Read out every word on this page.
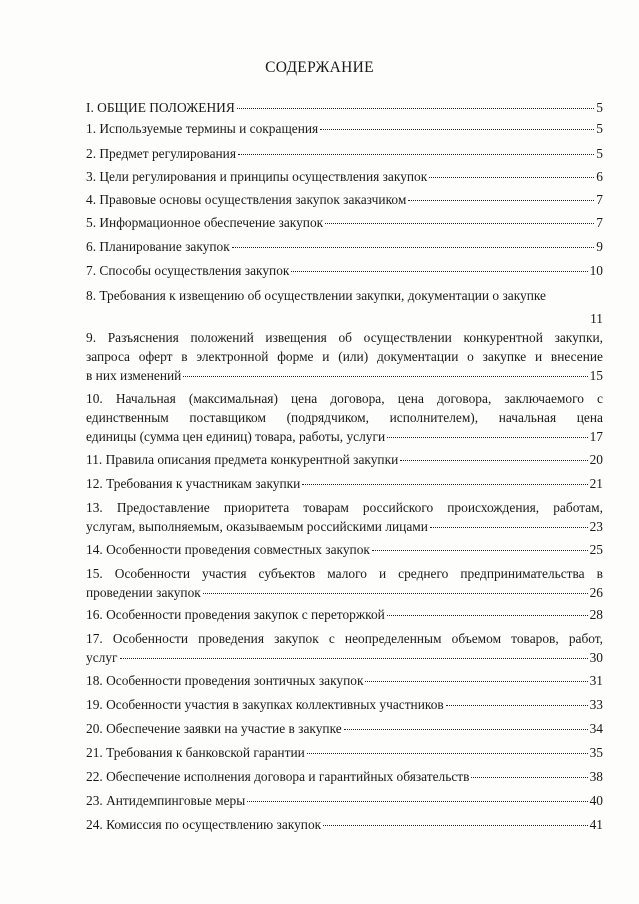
СОДЕРЖАНИЕ
I. ОБЩИЕ ПОЛОЖЕНИЯ	5
1. Используемые термины и сокращения	5
2. Предмет регулирования	5
3. Цели регулирования и принципы осуществления закупок	6
4. Правовые основы осуществления закупок заказчиком	7
5. Информационное обеспечение закупок	7
6. Планирование закупок	9
7. Способы осуществления закупок	10
8. Требования к извещению об осуществлении закупки, документации о закупке
11
9. Разъяснения положений извещения об осуществлении конкурентной закупки,
запроса оферт в электронной форме и (или) документации о закупке и внесение
в них изменений	15
10. Начальная (максимальная) цена договора, цена договора, заключаемого с
единственным поставщиком (подрядчиком, исполнителем), начальная цена
единицы (сумма цен единиц) товара, работы, услуги	17
11. Правила описания предмета конкурентной закупки	20
12. Требования к участникам закупки	21
13. Предоставление приоритета товарам российского происхождения, работам,
услугам, выполняемым, оказываемым российскими лицами	23
14. Особенности проведения совместных закупок	25
15. Особенности участия субъектов малого и среднего предпринимательства в
проведении закупок	26
16. Особенности проведения закупок с переторжкой	28
17. Особенности проведения закупок с неопределенным объемом товаров, работ,
услуг	30
18. Особенности проведения зонтичных закупок	31
19. Особенности участия в закупках коллективных участников	33
20. Обеспечение заявки на участие в закупке	34
21. Требования к банковской гарантии	35
22. Обеспечение исполнения договора и гарантийных обязательств	38
23. Антидемпинговые меры	40
24. Комиссия по осуществлению закупок	41
